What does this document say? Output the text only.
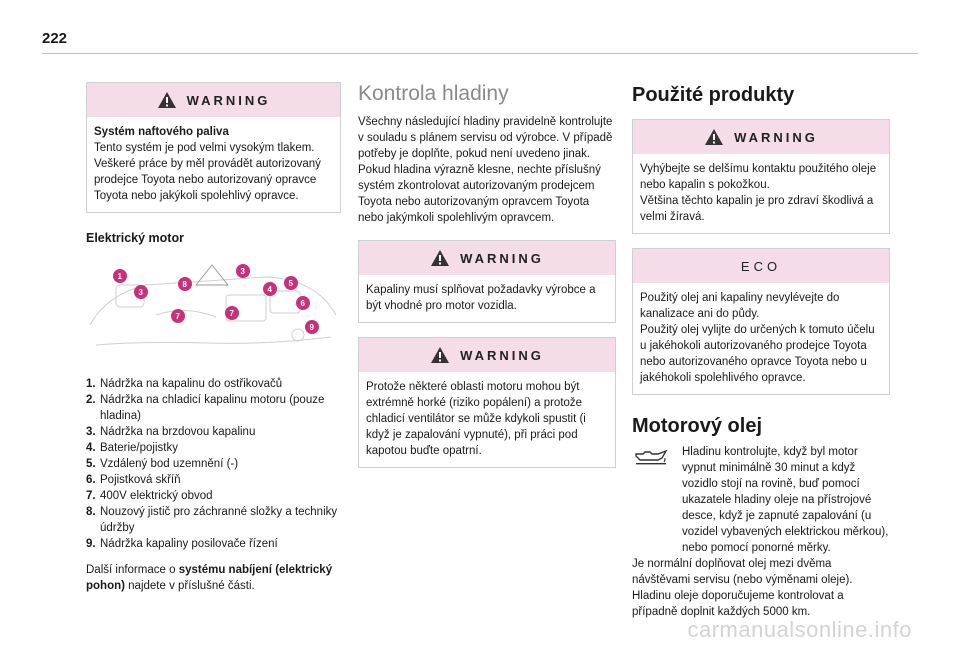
222
WARNING
Systém naftového paliva
Tento systém je pod velmi vysokým tlakem. Veškeré práce by měl provádět autorizovaný prodejce Toyota nebo autorizovaný opravce Toyota nebo jakýkoli spolehlivý opravce.
Elektrický motor
1
3
8
3
4
5
6
9
7	7
1. Nádržka na kapalinu do ostřikovačů
2. Nádržka na chladicí kapalinu motoru (pouze hladina)
3. Nádržka na brzdovou kapalinu
4. Baterie/pojistky
5. Vzdálený bod uzemnění (-)
6. Pojistková skříň
7. 400V elektrický obvod
8. Nouzový jistič pro záchranné složky a techniky údržby
9. Nádržka kapaliny posilovače řízení

Další informace o systému nabíjení (elektrický pohon) najdete v příslušné části.

Kontrola hladiny

Všechny následující hladiny pravidelně kontrolujte v souladu s plánem servisu od výrobce. V případě potřeby je doplňte, pokud není uvedeno jinak.

Pokud hladina výrazně klesne, nechte příslušný systém zkontrolovat autorizovaným prodejcem Toyota nebo autorizovaným opravcem Toyota nebo jakýmkoli spolehlivým opravcem.

WARNING
Kapaliny musí splňovat požadavky výrobce a být vhodné pro motor vozidla.
WARNING
Protože některé oblasti motoru mohou být extrémně horké (riziko popálení) a protože chladicí ventilátor se může kdykoli spustit (i když je zapalování vypnuté), při práci pod kapotou buďte opatrní.
Použité produkty
WARNING
Vyhýbejte se delšímu kontaktu použitého oleje nebo kapalin s pokožkou.
Většina těchto kapalin je pro zdraví škodlivá a velmi žíravá.
ECO
Použitý olej ani kapaliny nevylévejte do kanalizace ani do půdy.
Použitý olej vylijte do určených k tomuto účelu u jakéhokoli autorizovaného prodejce Toyota nebo autorizovaného opravce Toyota nebo u jakéhokoli spolehlivého opravce.
Motorový olej
Hladinu kontrolujte, když byl motor vypnut minimálně 30 minut a když vozidlo stojí na rovině, buď pomocí ukazatele hladiny oleje na přístrojové desce, když je zapnuté zapalování (u vozidel vybavených elektrickou měrkou), nebo pomocí ponorné měrky.
Je normální doplňovat olej mezi dvěma návštěvami servisu (nebo výměnami oleje).
Hladinu oleje doporučujeme kontrolovat a případně doplnit každých 5000 km.
carmanualsonline.info
